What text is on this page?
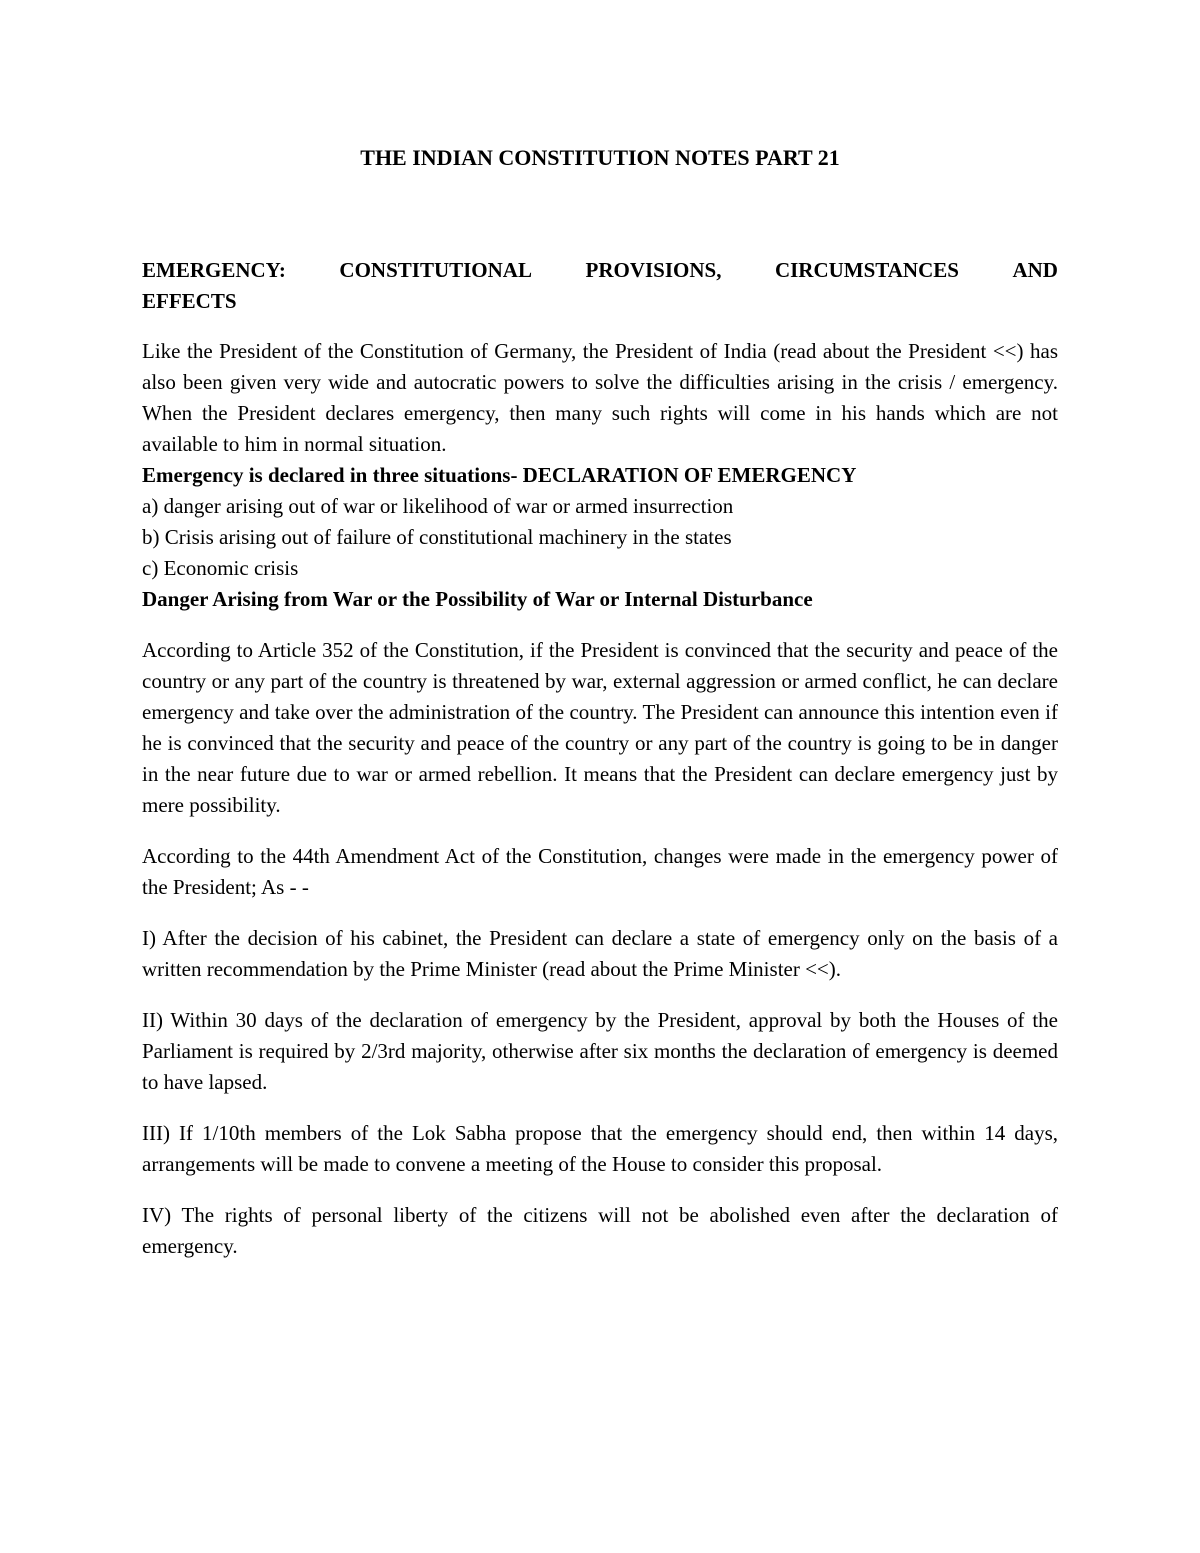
THE INDIAN CONSTITUTION NOTES PART 21
EMERGENCY:	CONSTITUTIONAL	PROVISIONS,	CIRCUMSTANCES	AND
EFFECTS

Like the President of the Constitution of Germany, the President of India (read about the President <<) has also been given very wide and autocratic powers to solve the difficulties arising in the crisis / emergency. When the President declares emergency, then many such rights will come in his hands which are not available to him in normal situation.

Emergency is declared in three situations- DECLARATION OF EMERGENCY

a) danger arising out of war or likelihood of war or armed insurrection

b) Crisis arising out of failure of constitutional machinery in the states

c) Economic crisis

Danger Arising from War or the Possibility of War or Internal Disturbance

According to Article 352 of the Constitution, if the President is convinced that the security and peace of the country or any part of the country is threatened by war, external aggression or armed conflict, he can declare emergency and take over the administration of the country. The President can announce this intention even if he is convinced that the security and peace of the country or any part of the country is going to be in danger in the near future due to war or armed rebellion. It means that the President can declare emergency just by mere possibility.

According to the 44th Amendment Act of the Constitution, changes were made in the emergency power of the President; As - -

I) After the decision of his cabinet, the President can declare a state of emergency only on the basis of a written recommendation by the Prime Minister (read about the Prime Minister <<).

II) Within 30 days of the declaration of emergency by the President, approval by both the Houses of the Parliament is required by 2/3rd majority, otherwise after six months the declaration of emergency is deemed to have lapsed.

III) If 1/10th members of the Lok Sabha propose that the emergency should end, then within 14 days, arrangements will be made to convene a meeting of the House to consider this proposal.

IV) The rights of personal liberty of the citizens will not be abolished even after the declaration of emergency.
